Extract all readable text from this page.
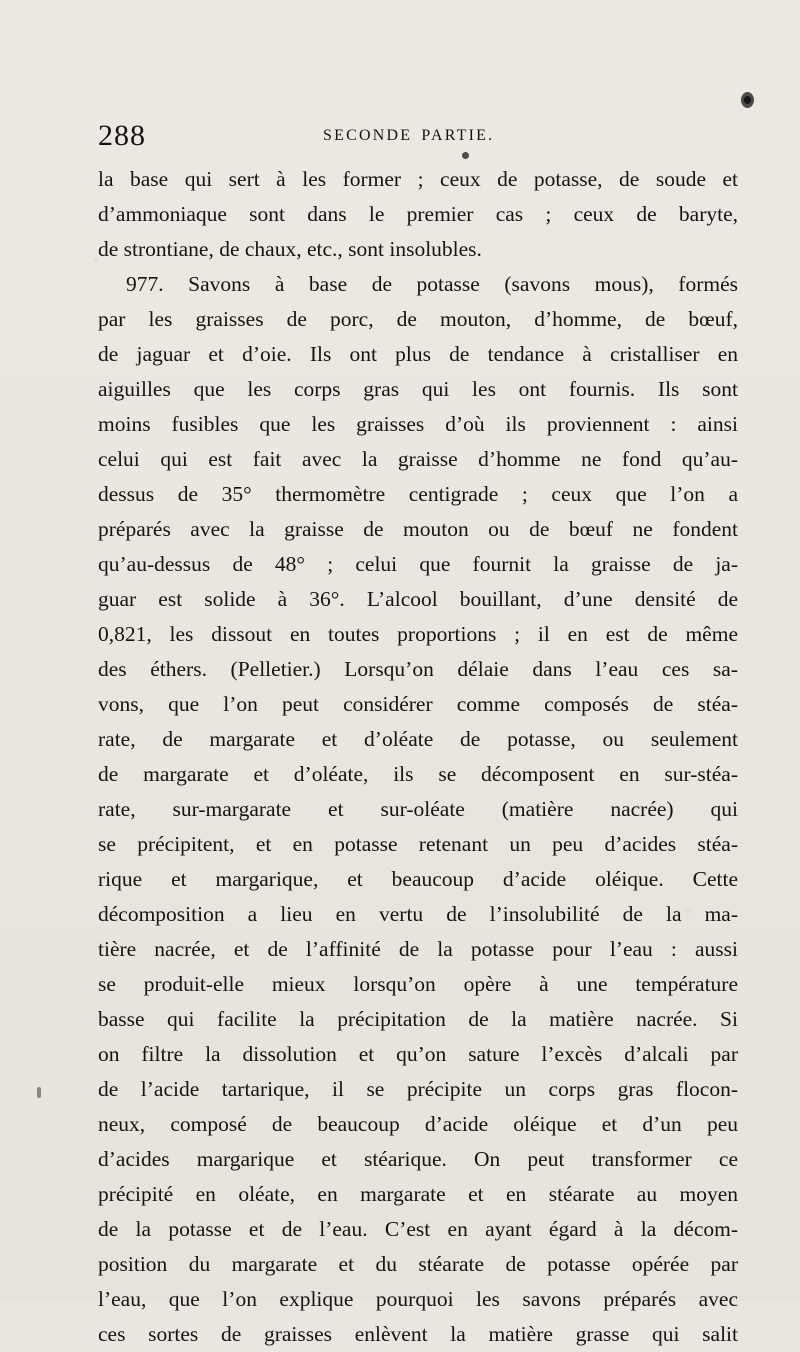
288	SECONDE PARTIE.
la base qui sert à les former ; ceux de potasse, de soude et
d’ammoniaque sont dans le premier cas ; ceux de baryte,
de strontiane, de chaux, etc., sont insolubles.
977. Savons à base de potasse (savons mous), formés
par les graisses de porc, de mouton, d’homme, de bœuf,
de jaguar et d’oie. Ils ont plus de tendance à cristalliser en
aiguilles que les corps gras qui les ont fournis. Ils sont
moins fusibles que les graisses d’où ils proviennent : ainsi
celui qui est fait avec la graisse d’homme ne fond qu’au-
dessus de 35° thermomètre centigrade ; ceux que l’on a
préparés avec la graisse de mouton ou de bœuf ne fondent
qu’au-dessus de 48° ; celui que fournit la graisse de ja-
guar est solide à 36°. L’alcool bouillant, d’une densité de
0,821, les dissout en toutes proportions ; il en est de même
des éthers. (Pelletier.) Lorsqu’on délaie dans l’eau ces sa-
vons, que l’on peut considérer comme composés de stéa-
rate, de margarate et d’oléate de potasse, ou seulement
de margarate et d’oléate, ils se décomposent en sur-stéa-
rate, sur-margarate et sur-oléate (matière nacrée) qui
se précipitent, et en potasse retenant un peu d’acides stéa-
rique et margarique, et beaucoup d’acide oléique. Cette
décomposition a lieu en vertu de l’insolubilité de la ma-
tière nacrée, et de l’affinité de la potasse pour l’eau : aussi
se produit-elle mieux lorsqu’on opère à une température
basse qui facilite la précipitation de la matière nacrée. Si
on filtre la dissolution et qu’on sature l’excès d’alcali par
de l’acide tartarique, il se précipite un corps gras flocon-
neux, composé de beaucoup d’acide oléique et d’un peu
d’acides margarique et stéarique. On peut transformer ce
précipité en oléate, en margarate et en stéarate au moyen
de la potasse et de l’eau. C’est en ayant égard à la décom-
position du margarate et du stéarate de potasse opérée par
l’eau, que l’on explique pourquoi les savons préparés avec
ces sortes de graisses enlèvent la matière grasse qui salit
